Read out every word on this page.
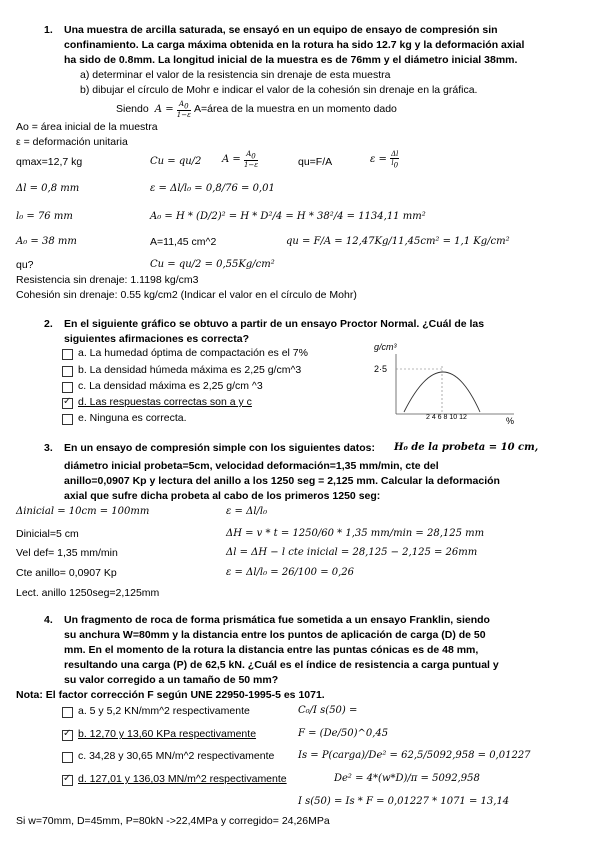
1. Una muestra de arcilla saturada, se ensayó en un equipo de ensayo de compresión sin
confinamiento. La carga máxima obtenida en la rotura ha sido 12.7 kg y la deformación axial
ha sido de 0.8mm. La longitud inicial de la muestra es de 76mm y el diámetro inicial 38mm.
a) determinar el valor de la resistencia sin drenaje de esta muestra
b) dibujar el círculo de Mohr e indicar el valor de la cohesión sin drenaje en la gráfica.
Siendo  $A = \frac{A_0}{1-\varepsilon}$ A=área de la muestra en un momento dado
Ao = área inicial de la muestra
ε = deformación unitaria
qmax=12,7 kg	Cu = qu/2 $A = \frac{A_0}{1-\varepsilon}$	qu=F/A	$\varepsilon = \frac{\Delta l}{l_0}$
Δl = 0,8 mm	ε = Δl/l₀ = 0,8/76 = 0,01
l₀ = 76 mm	A₀ = H * (D/2)² = H * D²/4 = H * 38²/4 = 1134,11 mm²
A₀ = 38 mm	A=11,45 cm^2	qu = F/A = 12,47Kg/11,45cm² = 1,1 Kg/cm²
qu?	Cu = qu/2 = 0,55Kg/cm²
Resistencia sin drenaje: 1.1198 kg/cm3
Cohesión sin drenaje: 0.55 kg/cm2 (Indicar el valor en el círculo de Mohr)
2. En el siguiente gráfico se obtuvo a partir de un ensayo Proctor Normal. ¿Cuál de las
siguientes afirmaciones es correcta?
a. La humedad óptima de compactación es el 7%
b. La densidad húmeda máxima es 2,25 g/cm^3
c. La densidad máxima es 2,25 g/cm ^3
✓
d. Las respuestas correctas son a y c
e. Ninguna es correcta.
g/cm³
2·5
2 4 6 8 10 12	%
3. En un ensayo de compresión simple con los siguientes datos: H₀ de la probeta = 10 cm,
diámetro inicial probeta=5cm, velocidad deformación=1,35 mm/min, cte del
anillo=0,0907 Kp y lectura del anillo a los 1250 seg = 2,125 mm. Calcular la deformación
axial que sufre dicha probeta al cabo de los primeros 1250 seg:
Δinicial = 10cm = 100mm	ε = Δl/l₀
Dinicial=5 cm	ΔH = v * t = 1250/60 * 1,35 mm/min = 28,125 mm
Vel def= 1,35 mm/min	Δl = ΔH − l cte inicial = 28,125 − 2,125 = 26mm
Cte anillo= 0,0907 Kp	ε = Δl/l₀ = 26/100 = 0,26
Lect. anillo 1250seg=2,125mm
4. Un fragmento de roca de forma prismática fue sometida a un ensayo Franklin, siendo
su anchura W=80mm y la distancia entre los puntos de aplicación de carga (D) de 50
mm. En el momento de la rotura la distancia entre las puntas cónicas es de 48 mm,
resultando una carga (P) de 62,5 kN. ¿Cuál es el índice de resistencia a carga puntual y
su valor corregido a un tamaño de 50 mm?
Nota: El factor corrección F según UNE 22950-1995-5 es 1071.
a. 5 y 5,2 KN/mm^2 respectivamente
✓
b. 12,70 y 13,60 KPa respectivamente
c. 34,28 y 30,65 MN/m^2 respectivamente
✓
d. 127,01 y 136,03 MN/m^2 respectivamente
C₀/I s(50) =
F = (De/50)^0,45
Is = P(carga)/De² = 62,5/5092,958 = 0,01227
De² = 4*(w*D)/π = 5092,958
I s(50) = Is * F = 0,01227 * 1071 = 13,14
Si w=70mm, D=45mm, P=80kN ->22,4MPa y corregido= 24,26MPa
